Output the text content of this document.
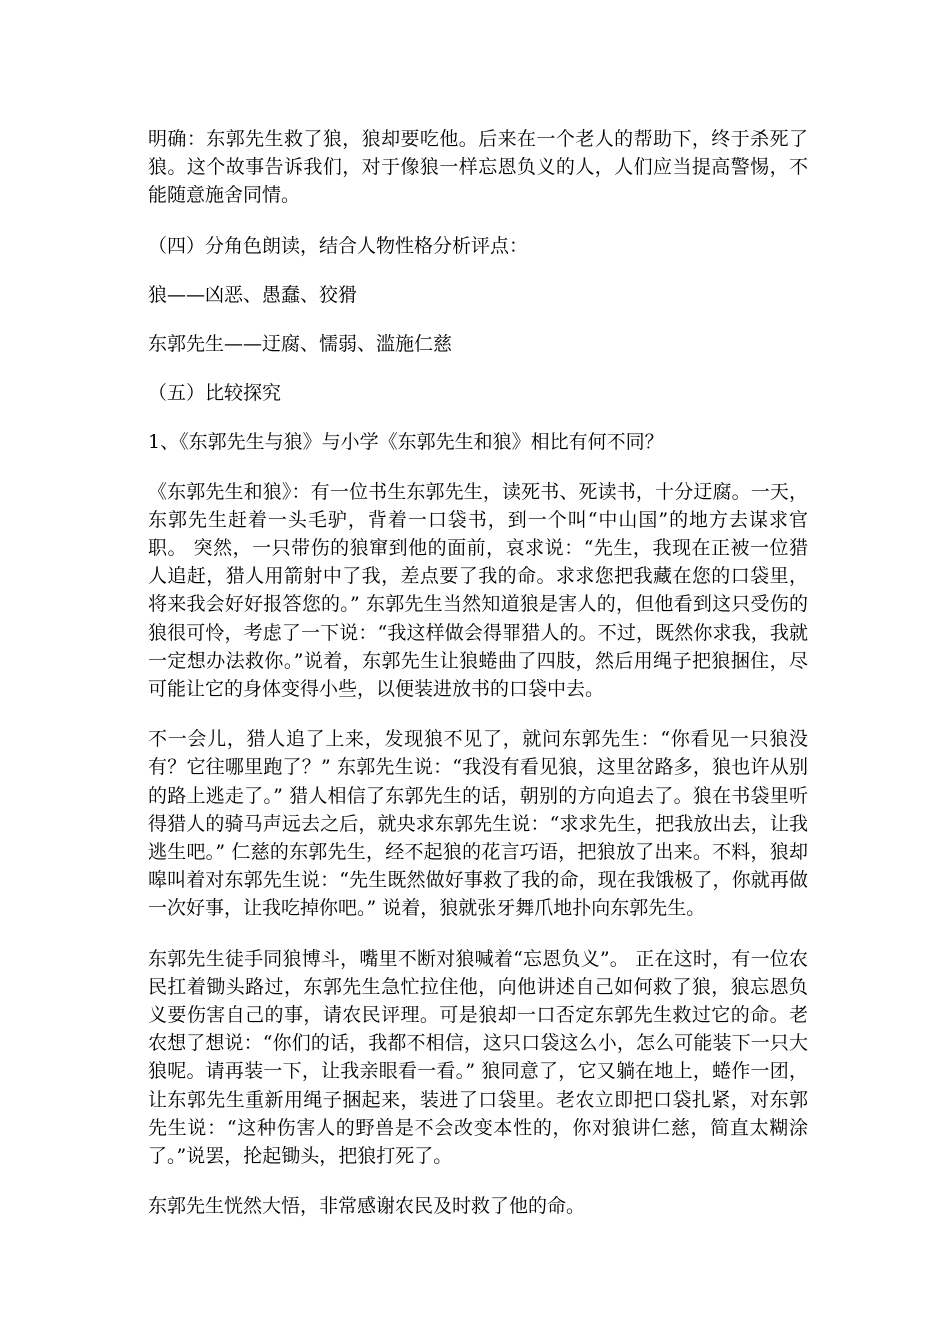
明确：东郭先生救了狼，狼却要吃他。后来在一个老人的帮助下，终于杀死了狼。这个故事告诉我们，对于像狼一样忘恩负义的人，人们应当提高警惕，不能随意施舍同情。

（四）分角色朗读，结合人物性格分析评点：

狼——凶恶、愚蠢、狡猾

东郭先生——迂腐、懦弱、滥施仁慈

（五）比较探究

1、《东郭先生与狼》与小学《东郭先生和狼》相比有何不同？

《东郭先生和狼》：有一位书生东郭先生，读死书、死读书，十分迂腐。一天，东郭先生赶着一头毛驴，背着一口袋书，到一个叫“中山国”的地方去谋求官职。 突然，一只带伤的狼窜到他的面前，哀求说：“先生，我现在正被一位猎人追赶，猎人用箭射中了我，差点要了我的命。求求您把我藏在您的口袋里，将来我会好好报答您的。” 东郭先生当然知道狼是害人的，但他看到这只受伤的狼很可怜，考虑了一下说：“我这样做会得罪猎人的。不过，既然你求我，我就一定想办法救你。”说着，东郭先生让狼蜷曲了四肢，然后用绳子把狼捆住，尽可能让它的身体变得小些，以便装进放书的口袋中去。

不一会儿，猎人追了上来，发现狼不见了，就问东郭先生：“你看见一只狼没有？它往哪里跑了？” 东郭先生说：“我没有看见狼，这里岔路多，狼也许从别的路上逃走了。” 猎人相信了东郭先生的话，朝别的方向追去了。狼在书袋里听得猎人的骑马声远去之后，就央求东郭先生说：“求求先生，把我放出去，让我逃生吧。” 仁慈的东郭先生，经不起狼的花言巧语，把狼放了出来。不料，狼却嗥叫着对东郭先生说：“先生既然做好事救了我的命，现在我饿极了，你就再做一次好事，让我吃掉你吧。” 说着，狼就张牙舞爪地扑向东郭先生。

东郭先生徒手同狼博斗，嘴里不断对狼喊着“忘恩负义”。 正在这时，有一位农民扛着锄头路过，东郭先生急忙拉住他，向他讲述自己如何救了狼，狼忘恩负义要伤害自己的事，请农民评理。可是狼却一口否定东郭先生救过它的命。老农想了想说：“你们的话，我都不相信，这只口袋这么小，怎么可能装下一只大狼呢。请再装一下，让我亲眼看一看。” 狼同意了，它又躺在地上，蜷作一团，让东郭先生重新用绳子捆起来，装进了口袋里。老农立即把口袋扎紧，对东郭先生说：“这种伤害人的野兽是不会改变本性的，你对狼讲仁慈，简直太糊涂了。”说罢，抡起锄头，把狼打死了。

东郭先生恍然大悟，非常感谢农民及时救了他的命。
